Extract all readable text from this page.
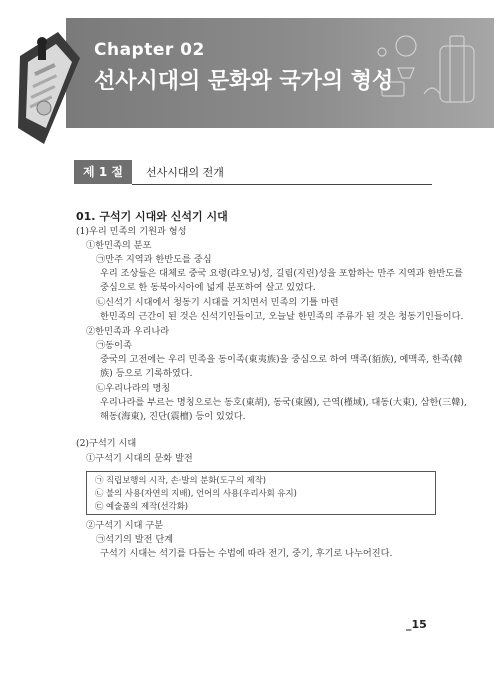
Chapter 02
선사시대의 문화와 국가의 형성
제 1 절	선사시대의 전개
01. 구석기 시대와 신석기 시대
(1)우리 민족의 기원과 형성
①한민족의 분포
㉠만주 지역과 한반도를 중심
우리 조상들은 대체로 중국 요령(랴오닝)성, 길림(지린)성을 포함하는 만주 지역과 한반도를
중심으로 한 동북아시아에 넓게 분포하여 살고 있었다.
㉡신석기 시대에서 청동기 시대를 거치면서 민족의 기틀 마련
한민족의 근간이 된 것은 신석기인들이고, 오늘날 한민족의 주류가 된 것은 청동기인들이다.
②한민족과 우리나라
㉠동이족
중국의 고전에는 우리 민족을 동이족(東夷族)을 중심으로 하여 맥족(貊族), 예맥족, 한족(韓
族) 등으로 기록하였다.
㉡우리나라의 명칭
우리나라를 부르는 명칭으로는 동호(東胡), 동국(東國), 근역(槿域), 대동(大東), 삼한(三韓),
해동(海東), 진단(震檀) 등이 있었다.
(2)구석기 시대
①구석기 시대의 문화 발전
㉠ 직립보행의 시작, 손·발의 분화(도구의 제작)
㉡ 불의 사용(자연의 지배), 언어의 사용(우리사회 유지)
㉢ 예술품의 제작(선각화)
②구석기 시대 구분
㉠석기의 발전 단계
구석기 시대는 석기를 다듬는 수법에 따라 전기, 중기, 후기로 나누어진다.
_15
